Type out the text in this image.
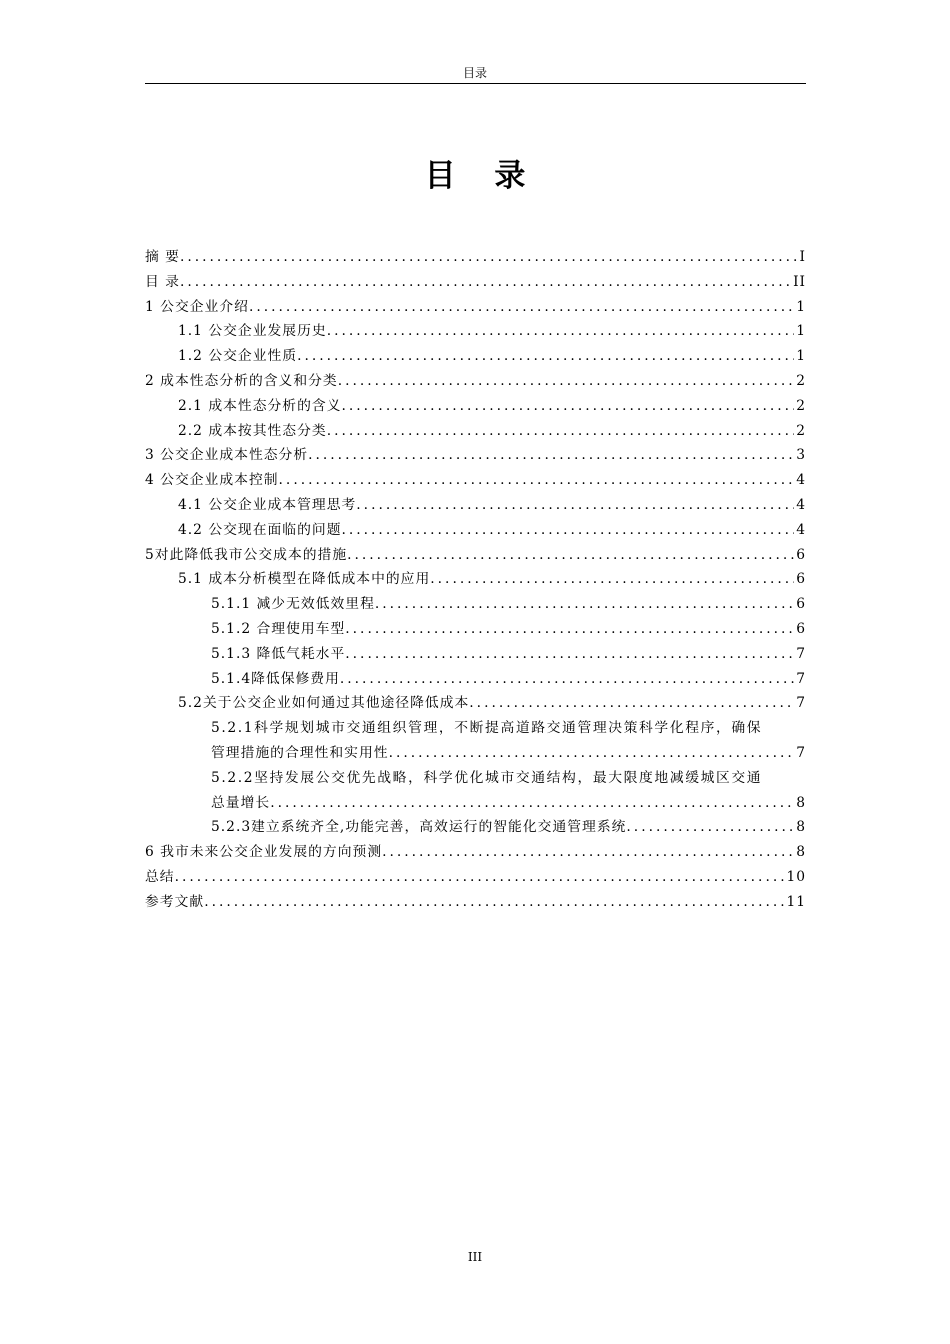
目录
目 录
摘 要 .....	I
目 录 .....	II
1 公交企业介绍 .....	1
1.1 公交企业发展历史 .....	1
1.2 公交企业性质 .....	1
2 成本性态分析的含义和分类 .....	2
2.1 成本性态分析的含义 .....	2
2.2 成本按其性态分类 .....	2
3 公交企业成本性态分析 .....	3
4 公交企业成本控制 .....	4
4.1 公交企业成本管理思考 .....	4
4.2 公交现在面临的问题 .....	4
5对此降低我市公交成本的措施 .....	6
5.1 成本分析模型在降低成本中的应用 .....	6
5.1.1 减少无效低效里程 .....	6
5.1.2 合理使用车型 .....	6
5.1.3 降低气耗水平 .....	7
5.1.4降低保修费用 .....	7
5.2关于公交企业如何通过其他途径降低成本 .....	7
5.2.1科学规划城市交通组织管理，不断提高道路交通管理决策科学化程序，确保
管理措施的合理性和实用性 .....	7
5.2.2坚持发展公交优先战略，科学优化城市交通结构，最大限度地减缓城区交通
总量增长 .....	8
5.2.3建立系统齐全,功能完善，高效运行的智能化交通管理系统 .....	8
6 我市未来公交企业发展的方向预测 .....	8
总结 .....	10
参考文献 .....	11
III
